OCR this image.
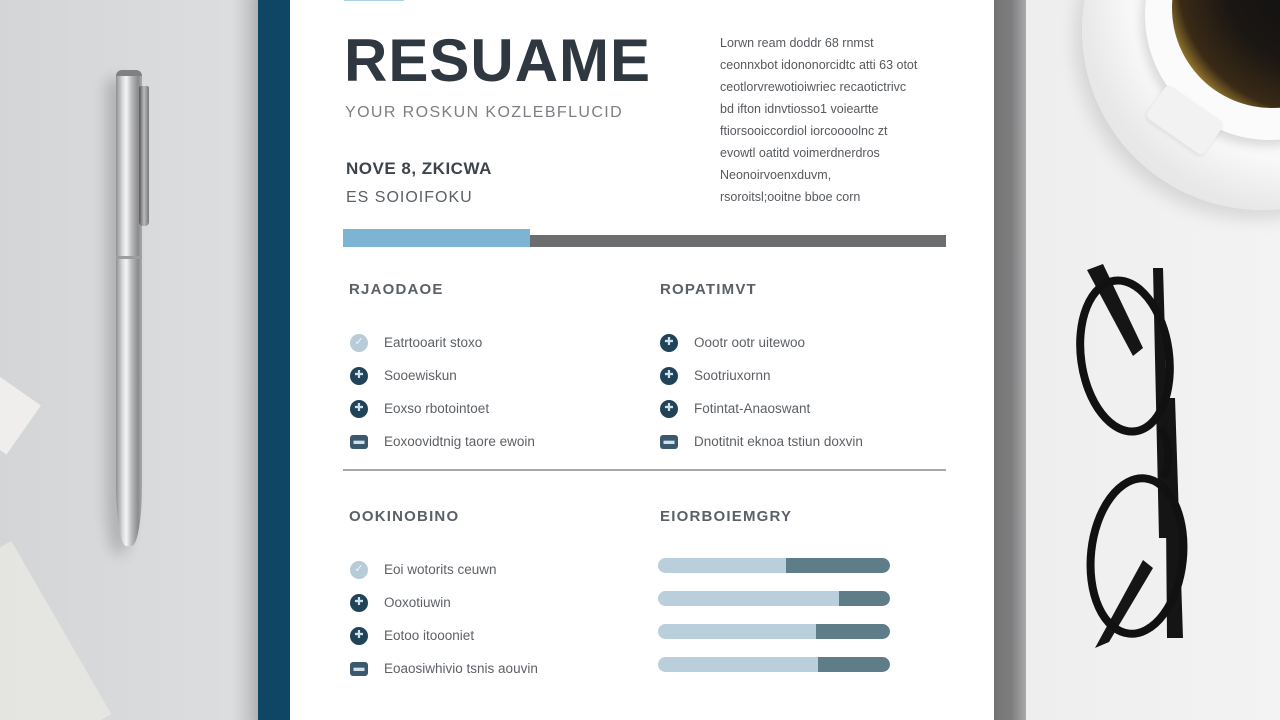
RESUAME
YOUR ROSKUN KOZLEBFLUCID
NOVE 8, ZKICWA
ES SOIOIFOKU

Lorwn ream doddr 68 rnmst

ceonnxbot idononorcidtc atti 63 otot

ceotlorvrewotioiwriec recaotictrivc

bd ifton idnvtiosso1 voieartte

ftiorsooiccordiol iorcoooolnc zt

evowtl oatitd voimerdnerdros

Neonoirvoenxduvm,

rsoroitsl;ooitne bboe corn

RJAODAOE
✓	Eatrtooarit stoxo
✚	Sooewiskun
✚	Eoxso rbotointoet
▬ Eoxoovidtnig taore ewoin
ROPATIMVT
✚	Oootr ootr uitewoo
✚	Sootriuxornn
✚	Fotintat-Anaoswant
▬ Dnotitnit eknoa tstiun doxvin
OOKINOBINO
✓	Eoi wotorits ceuwn
✚	Ooxotiuwin
✚	Eotoo itoooniet
▬ Eoaosiwhivio tsnis aouvin
EIORBOIEMGRY
